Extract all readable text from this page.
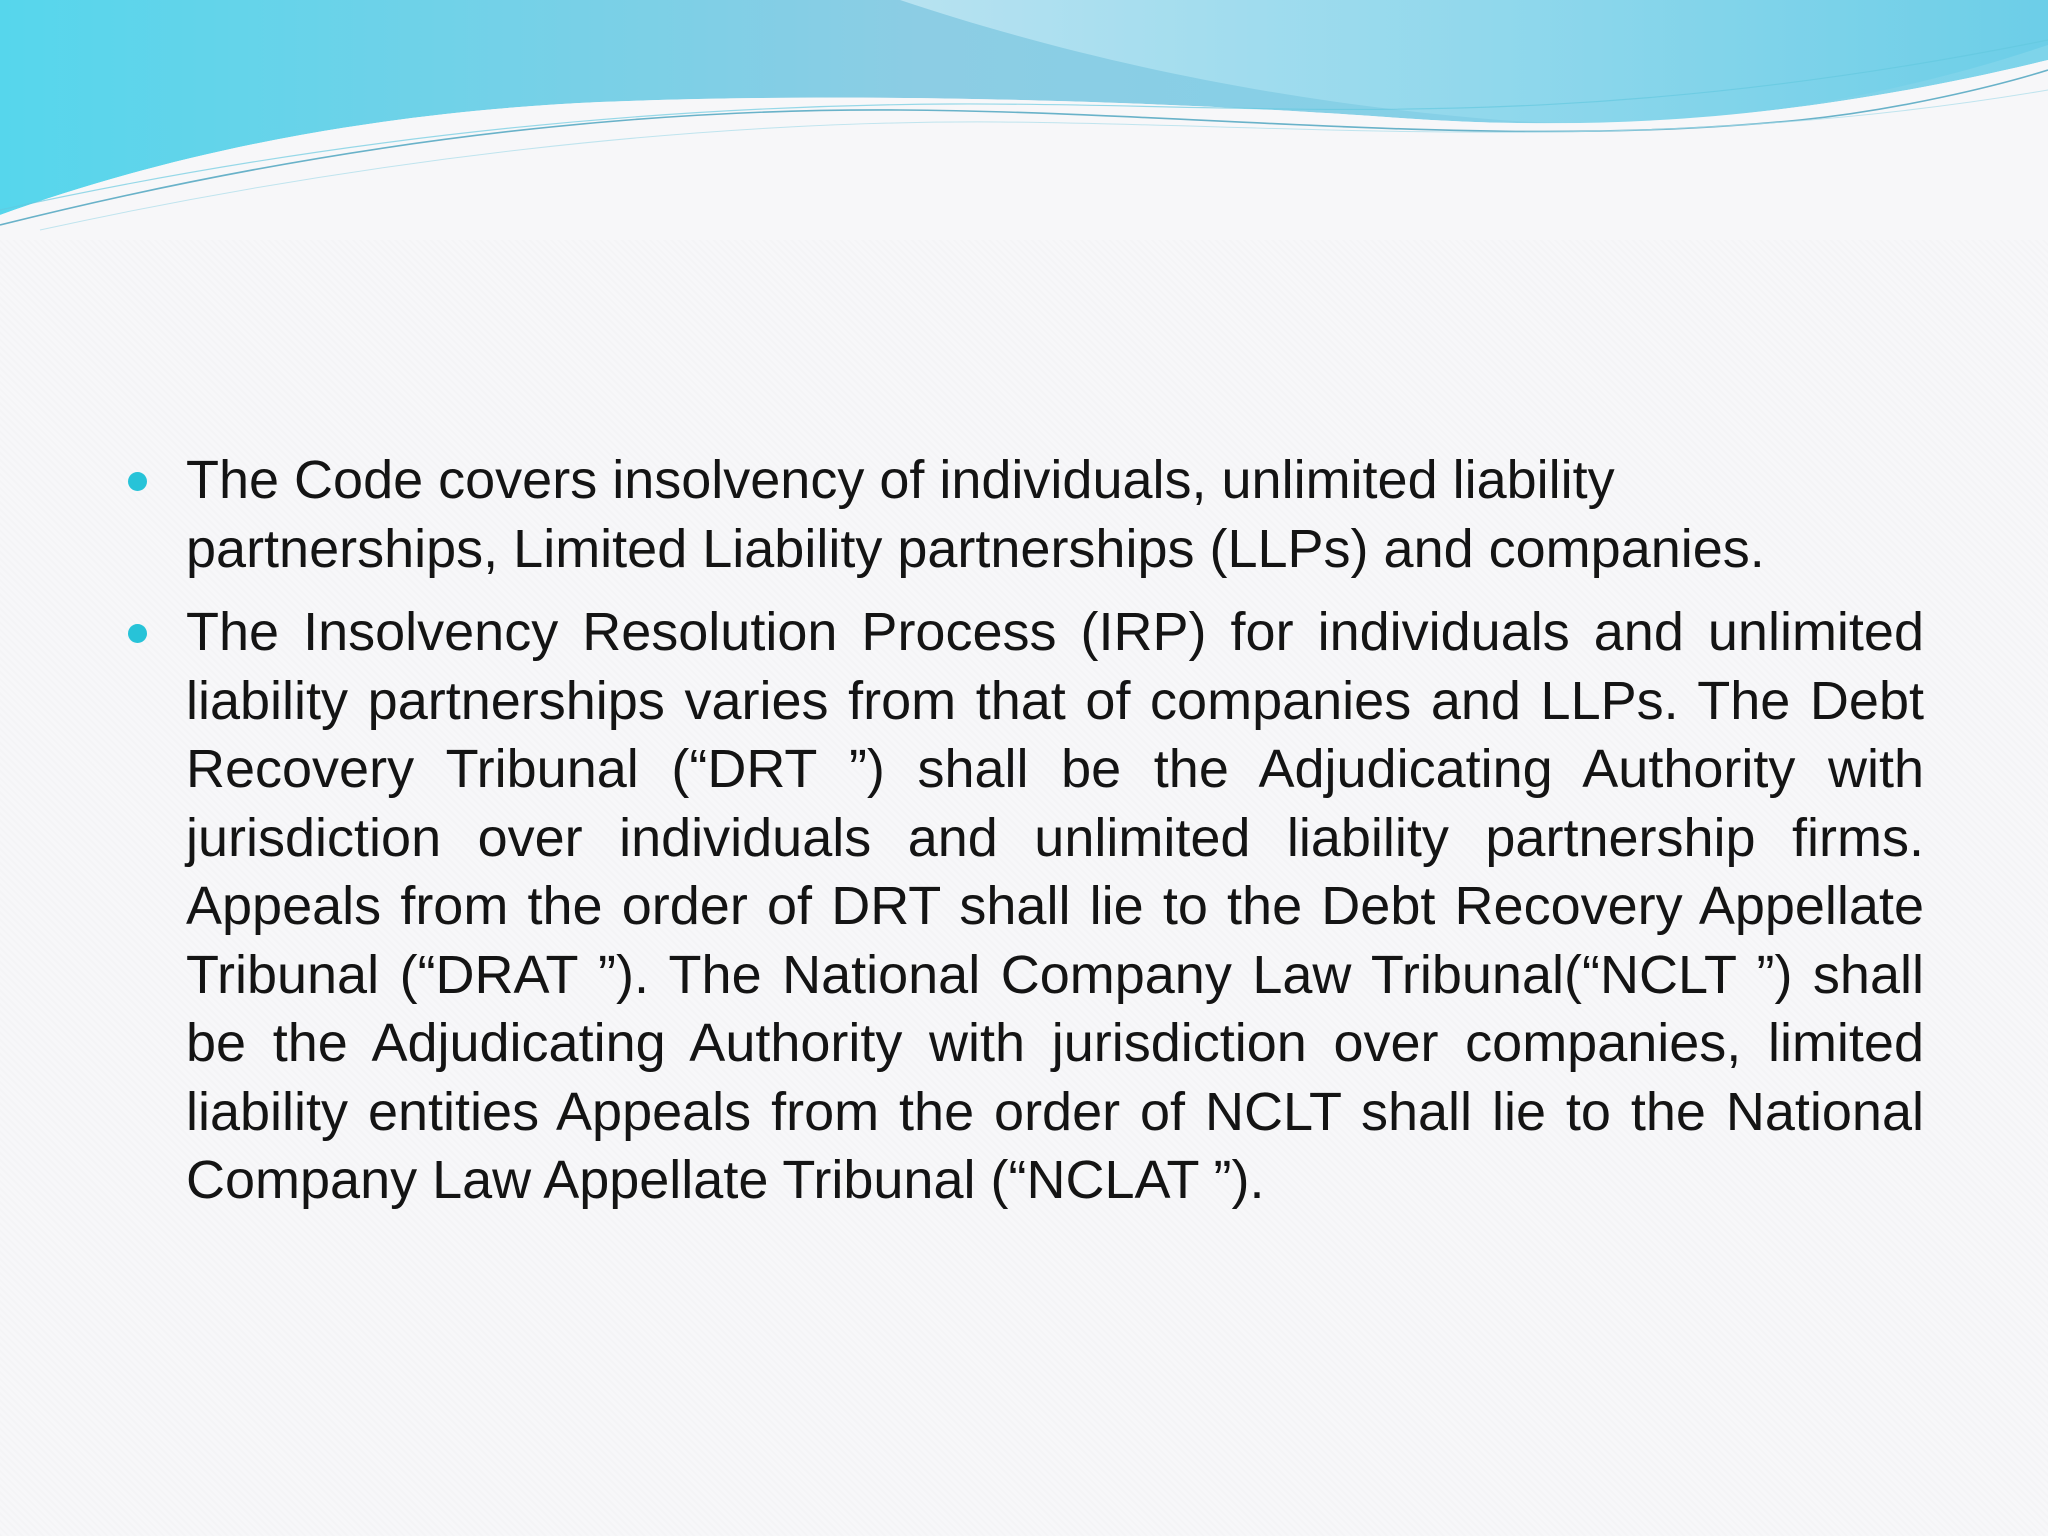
The Code covers insolvency of individuals, unlimited liability partnerships, Limited Liability partnerships (LLPs) and companies.
The Insolvency Resolution Process (IRP) for individuals and unlimited liability partnerships varies from that of companies and LLPs. The Debt Recovery Tribunal (“DRT ”) shall be the Adjudicating Authority with jurisdiction over individuals and unlimited liability partnership firms. Appeals from the order of DRT shall lie to the Debt Recovery Appellate Tribunal (“DRAT ”). The National Company Law Tribunal(“NCLT ”) shall be the Adjudicating Authority with jurisdiction over companies, limited liability entities Appeals from the order of NCLT shall lie to the National Company Law Appellate Tribunal (“NCLAT ”).
